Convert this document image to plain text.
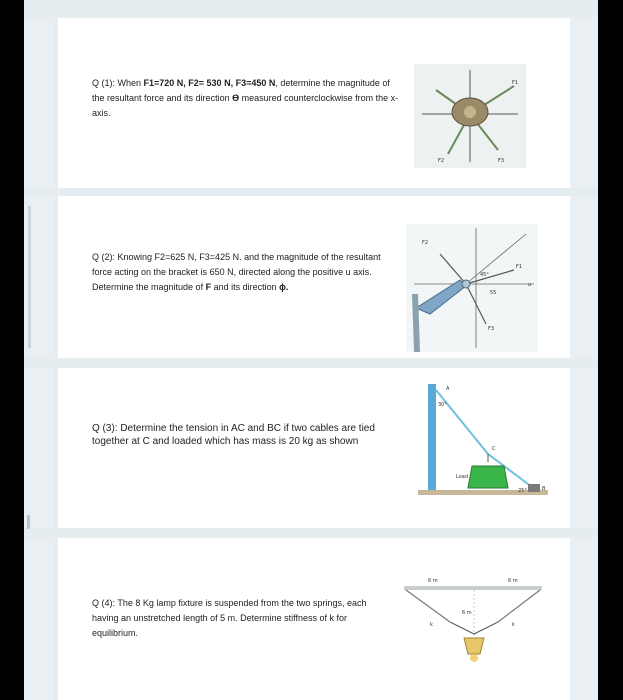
Q (1): When F1=720 N, F2= 530 N, F3=450 N, determine the magnitude of the resultant force and its direction ϴ measured counterclockwise from the x-axis.
F1
F2	F3
Q (2): Knowing F2=625 N, F3=425 N. and the magnitude of the resultant force acting on the bracket is 650 N, directed along the positive u axis. Determine the magnitude of F and its direction ɸ.
F2
F1
F3
u
45°
55
Q (3): Determine the tension in AC and BC if two cables are tied together at C and loaded which has mass is 20 kg as shown
A
C
B
Load
30°
25°
Q (4): The 8 Kg lamp fixture is suspended from the two springs, each having an unstretched length of 5 m. Determine stiffness of k for equilibrium.
6 m	6 m
6 m
k	k
